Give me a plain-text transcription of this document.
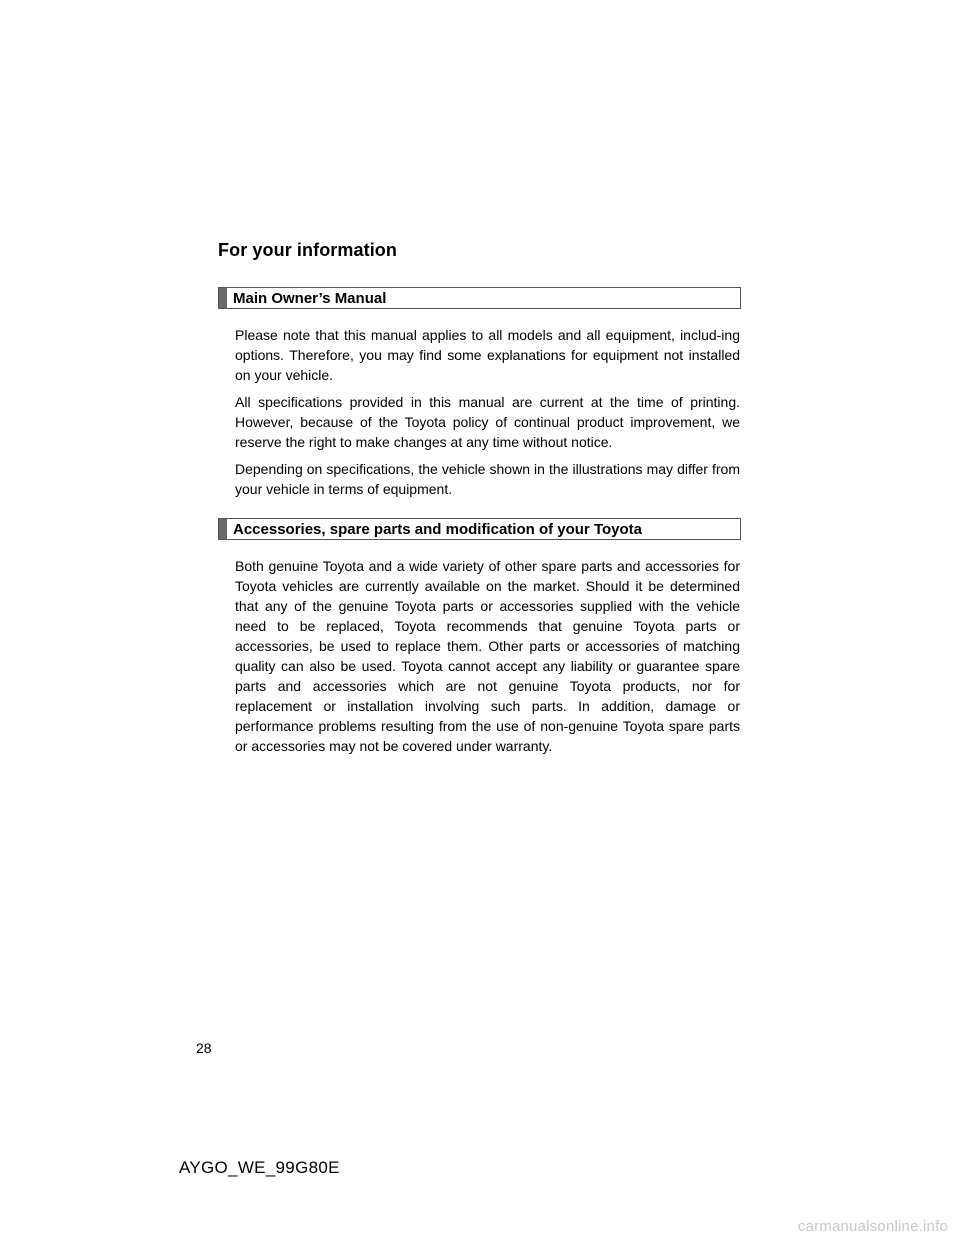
For your information
Main Owner’s Manual

Please note that this manual applies to all models and all equipment, includ-ing options. Therefore, you may find some explanations for equipment not installed on your vehicle.

All specifications provided in this manual are current at the time of printing. However, because of the Toyota policy of continual product improvement, we reserve the right to make changes at any time without notice.

Depending on specifications, the vehicle shown in the illustrations may differ from your vehicle in terms of equipment.

Accessories, spare parts and modification of your Toyota

Both genuine Toyota and a wide variety of other spare parts and accessories for Toyota vehicles are currently available on the market. Should it be determined that any of the genuine Toyota parts or accessories supplied with the vehicle need to be replaced, Toyota recommends that genuine Toyota parts or accessories, be used to replace them. Other parts or accessories of matching quality can also be used. Toyota cannot accept any liability or guarantee spare parts and accessories which are not genuine Toyota products, nor for replacement or installation involving such parts. In addition, damage or performance problems resulting from the use of non-genuine Toyota spare parts or accessories may not be covered under warranty.

28
AYGO_WE_99G80E
carmanualsonline.info
